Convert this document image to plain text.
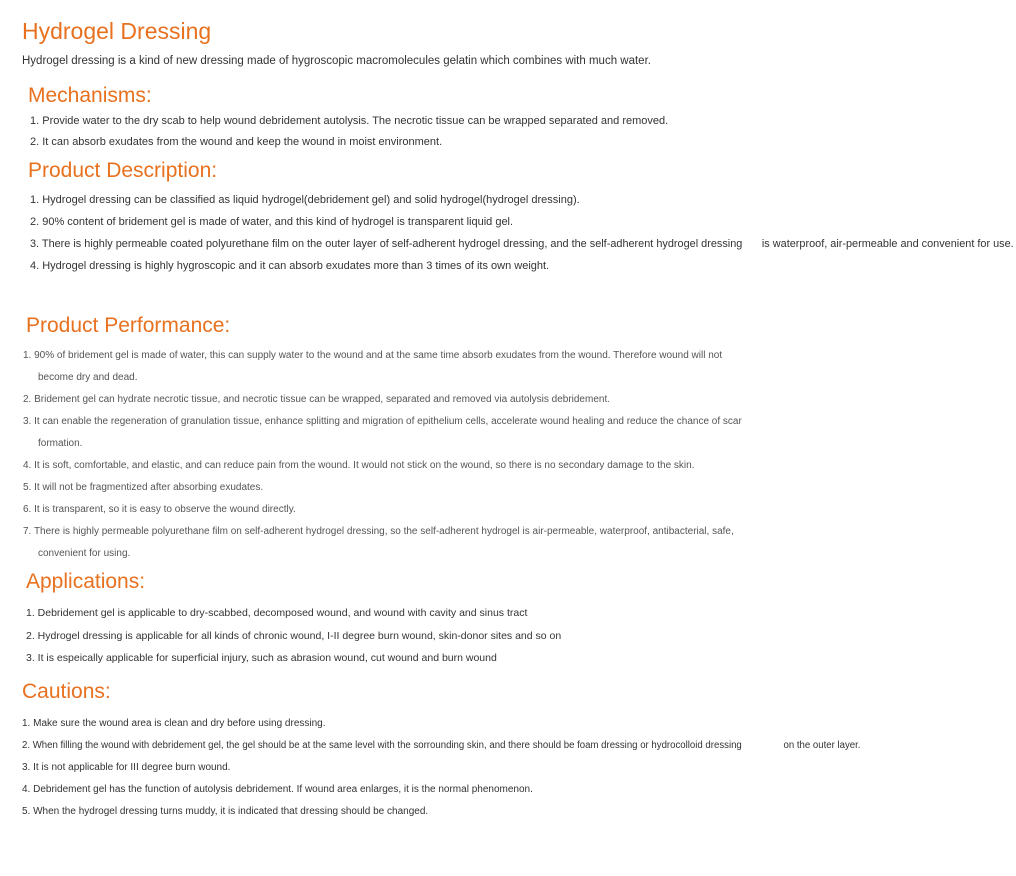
Hydrogel Dressing
Hydrogel dressing is a kind of new dressing made of hygroscopic macromolecules gelatin which combines with much water.
Mechanisms:
1. Provide water to the dry scab to help wound debridement autolysis. The necrotic tissue can be wrapped separated and removed.
2. It can absorb exudates from the wound and keep the wound in moist environment.
Product Description:
1. Hydrogel dressing can be classified as liquid hydrogel(debridement gel) and solid hydrogel(hydrogel dressing).
2. 90% content of bridement gel is made of water, and this kind of hydrogel is transparent liquid gel.
3. There is highly permeable coated polyurethane film on the outer layer of self-adherent hydrogel dressing, and the self-adherent hydrogel dressing is waterproof, air-permeable and convenient for use.
4. Hydrogel dressing is highly hygroscopic and it can absorb exudates more than 3 times of its own weight.
Product Performance:
1. 90% of bridement gel is made of water, this can supply water to the wound and at the same time absorb exudates from the wound. Therefore wound will not
become dry and dead.
2. Bridement gel can hydrate necrotic tissue, and necrotic tissue can be wrapped, separated and removed via autolysis debridement.
3. It can enable the regeneration of granulation tissue, enhance splitting and migration of epithelium cells, accelerate wound healing and reduce the chance of scar
formation.
4. It is soft, comfortable, and elastic, and can reduce pain from the wound. It would not stick on the wound, so there is no secondary damage to the skin.
5. It will not be fragmentized after absorbing exudates.
6. It is transparent, so it is easy to observe the wound directly.
7. There is highly permeable polyurethane film on self-adherent hydrogel dressing, so the self-adherent hydrogel is air-permeable, waterproof, antibacterial, safe,
convenient for using.
Applications:
1. Debridement gel is applicable to dry-scabbed, decomposed wound, and wound with cavity and sinus tract
2. Hydrogel dressing is applicable for all kinds of chronic wound, I-II degree burn wound, skin-donor sites and so on
3. It is espeically applicable for superficial injury, such as abrasion wound, cut wound and burn wound
Cautions:
1. Make sure the wound area is clean and dry before using dressing.
2. When filling the wound with debridement gel, the gel should be at the same level with the sorrounding skin, and there should be foam dressing or hydrocolloid dressing	on the outer layer.
3. It is not applicable for III degree burn wound.
4. Debridement gel has the function of autolysis debridement. If wound area enlarges, it is the normal phenomenon.
5. When the hydrogel dressing turns muddy, it is indicated that dressing should be changed.
